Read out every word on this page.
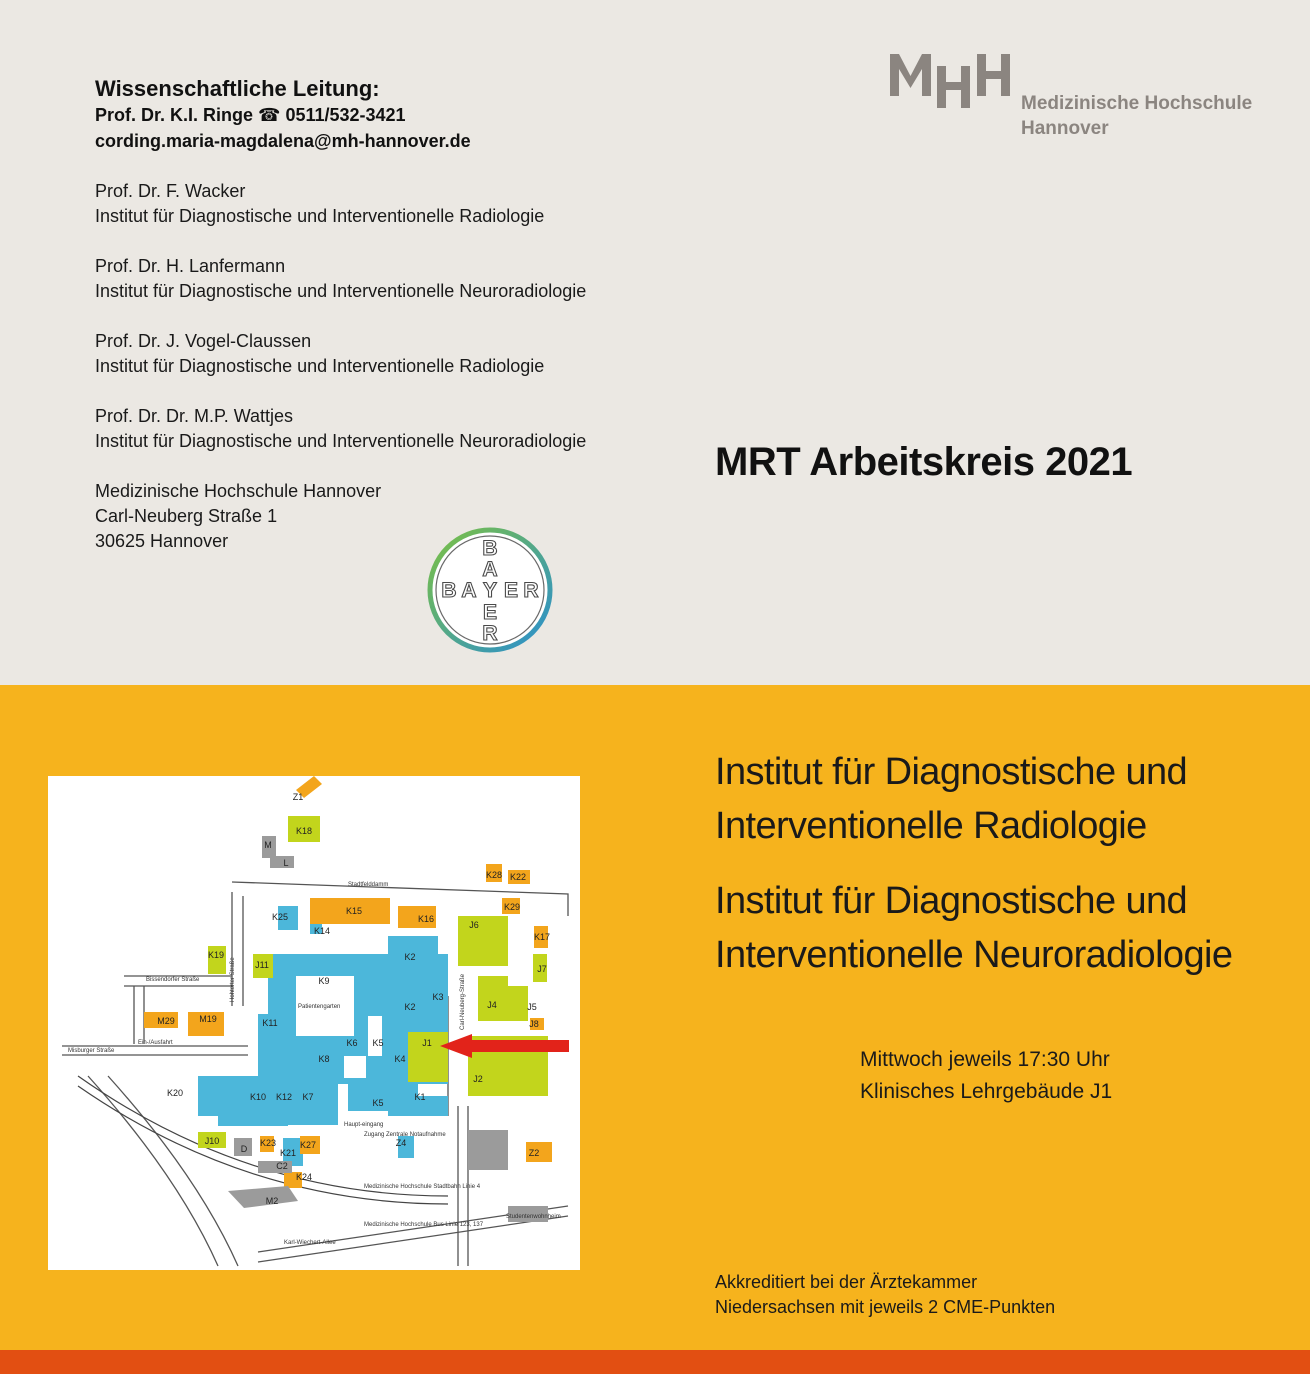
Wissenschaftliche Leitung:
Prof. Dr. K.I. Ringe ☎ 0511/532-3421
cording.maria-magdalena@mh-hannover.de
Prof. Dr. F. Wacker
Institut für Diagnostische und Interventionelle Radiologie
Prof. Dr. H. Lanfermann
Institut für Diagnostische und Interventionelle Neuroradiologie
Prof. Dr. J. Vogel-Claussen
Institut für Diagnostische und Interventionelle Radiologie
Prof. Dr. Dr. M.P. Wattjes
Institut für Diagnostische und Interventionelle Neuroradiologie
Medizinische Hochschule Hannover
Carl-Neuberg Straße 1
30625 Hannover
Medizinische Hochschule
Hannover
MRT Arbeitskreis 2021
B
A
E
R
B A Y E R
Z1
K18
K15
K16
K28 K22
K29
K17
J6
J4	J5
J7
J8
K25
K14
K2
K2
K3
K9
J11
K19
K11
K8
K6 K5
K4
J1
J2
K20	K10 K12 K7
K5
K1
Z4
J10	K23	K27
K21
C2
K24
M2
M19
M29
Z2
M
L
D
Stadtfelddamm
Bissendorfer Straße	Hohtorter Straße	Carl-Neuberg-Straße
Karl-Wiechert-Allee
Misburger Straße
Patientengarten
Haupt-eingang
Zugang Zentrale Notaufnahme
Ein-/Ausfahrt
Medizinische Hochschule Stadtbahn Linie 4
Medizinische Hochschule Bus Linie 123, 137
Studentenwohnheim
Institut für Diagnostische und
Interventionelle Radiologie
Institut für Diagnostische und
Interventionelle Neuroradiologie
Mittwoch jeweils 17:30 Uhr
Klinisches Lehrgebäude J1
Akkreditiert bei der Ärztekammer
Niedersachsen mit jeweils 2 CME-Punkten
